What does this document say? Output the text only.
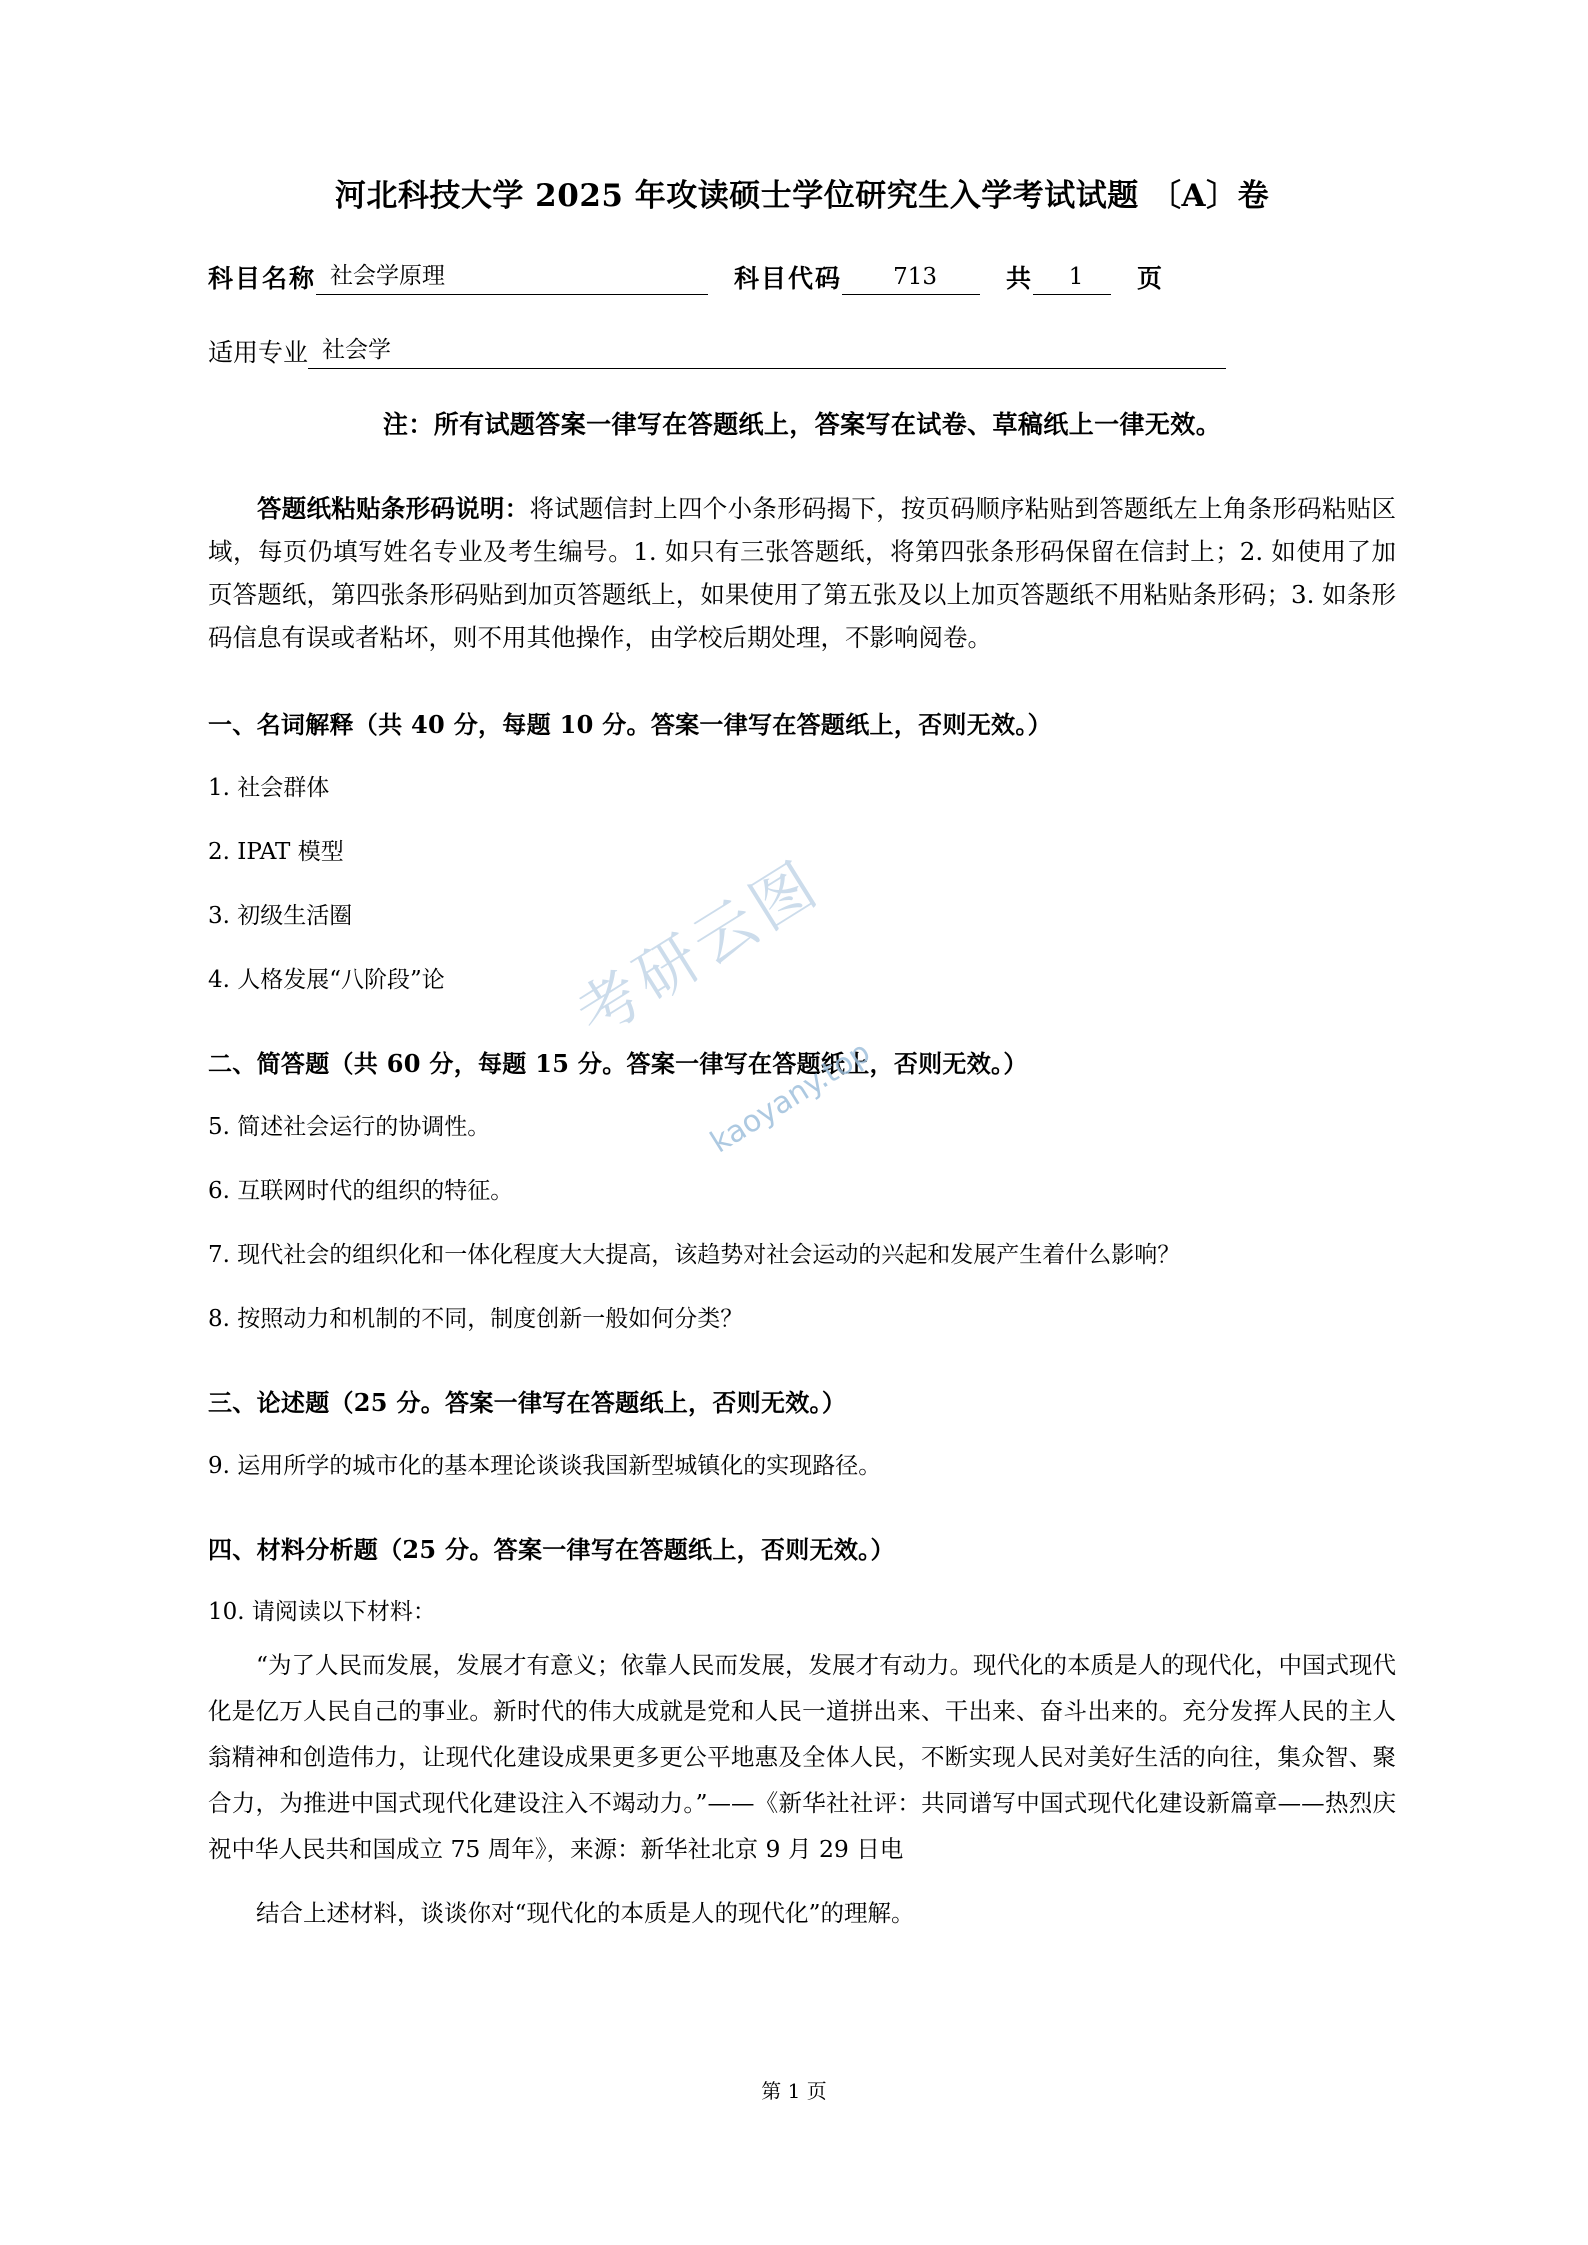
河北科技大学 2025 年攻读硕士学位研究生入学考试试题 〔A〕卷
科目名称 社会学原理	科目代码	713	共	1	页
适用专业 社会学
注：所有试题答案一律写在答题纸上，答案写在试卷、草稿纸上一律无效。
答题纸粘贴条形码说明：将试题信封上四个小条形码揭下，按页码顺序粘贴到答题纸左上角条形码粘贴区域，每页仍填写姓名专业及考生编号。1. 如只有三张答题纸，将第四张条形码保留在信封上；2. 如使用了加页答题纸，第四张条形码贴到加页答题纸上，如果使用了第五张及以上加页答题纸不用粘贴条形码；3. 如条形码信息有误或者粘坏，则不用其他操作，由学校后期处理，不影响阅卷。
一、名词解释（共 40 分，每题 10 分。答案一律写在答题纸上，否则无效。）
1. 社会群体
2. IPAT 模型
3. 初级生活圈
4. 人格发展“八阶段”论
二、简答题（共 60 分，每题 15 分。答案一律写在答题纸上，否则无效。）
5. 简述社会运行的协调性。
6. 互联网时代的组织的特征。
7. 现代社会的组织化和一体化程度大大提高，该趋势对社会运动的兴起和发展产生着什么影响？
8. 按照动力和机制的不同，制度创新一般如何分类？
三、论述题（25 分。答案一律写在答题纸上，否则无效。）
9. 运用所学的城市化的基本理论谈谈我国新型城镇化的实现路径。
四、材料分析题（25 分。答案一律写在答题纸上，否则无效。）
10. 请阅读以下材料：
“为了人民而发展，发展才有意义；依靠人民而发展，发展才有动力。现代化的本质是人的现代化，中国式现代化是亿万人民自己的事业。新时代的伟大成就是党和人民一道拼出来、干出来、奋斗出来的。充分发挥人民的主人翁精神和创造伟力，让现代化建设成果更多更公平地惠及全体人民，不断实现人民对美好生活的向往，集众智、聚合力，为推进中国式现代化建设注入不竭动力。”——《新华社社评：共同谱写中国式现代化建设新篇章——热烈庆祝中华人民共和国成立 75 周年》，来源：新华社北京 9 月 29 日电
结合上述材料，谈谈你对“现代化的本质是人的现代化”的理解。
考研云图
kaoyany.top
第 1 页
